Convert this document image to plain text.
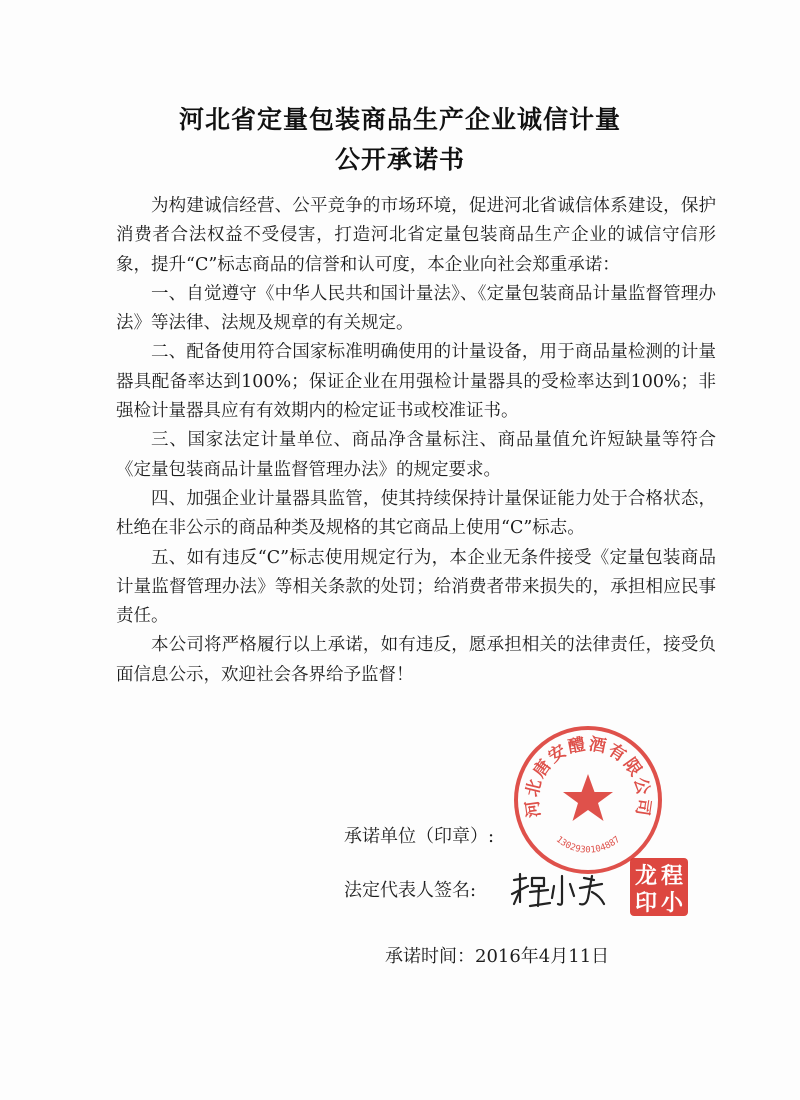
河北省定量包装商品生产企业诚信计量
公开承诺书

为构建诚信经营、公平竞争的市场环境，促进河北省诚信体系建设，保护消费者合法权益不受侵害，打造河北省定量包装商品生产企业的诚信守信形象，提升“C”标志商品的信誉和认可度，本企业向社会郑重承诺：

一、自觉遵守《中华人民共和国计量法》、《定量包装商品计量监督管理办法》等法律、法规及规章的有关规定。

二、配备使用符合国家标准明确使用的计量设备，用于商品量检测的计量器具配备率达到100%；保证企业在用强检计量器具的受检率达到100%；非强检计量器具应有有效期内的检定证书或校准证书。

三、国家法定计量单位、商品净含量标注、商品量值允许短缺量等符合《定量包装商品计量监督管理办法》的规定要求。

四、加强企业计量器具监管，使其持续保持计量保证能力处于合格状态，杜绝在非公示的商品种类及规格的其它商品上使用“C”标志。

五、如有违反“C”标志使用规定行为，本企业无条件接受《定量包装商品计量监督管理办法》等相关条款的处罚；给消费者带来损失的，承担相应民事责任。

本公司将严格履行以上承诺，如有违反，愿承担相关的法律责任，接受负面信息公示，欢迎社会各界给予监督！

承诺单位（印章）:
法定代表人签名:
承诺时间：2016年4月11日
河北唐安醴酒有限公司
1302930104887
程
小
龙
印
